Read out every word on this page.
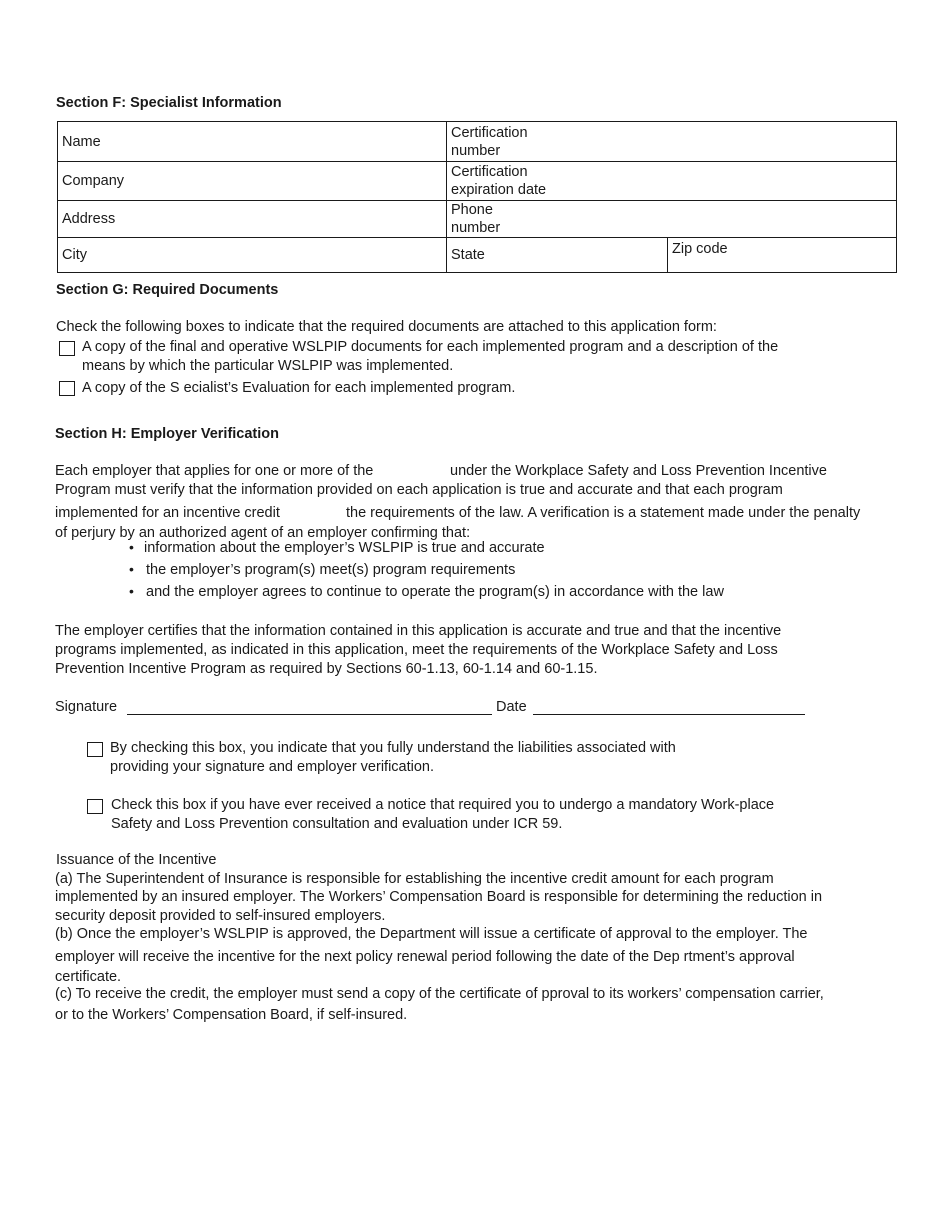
Section F: Specialist Information
Name	Certification
number	

Company	Certification
expiration date	

Address	Phone
number	

City	State	Zip code
Section G: Required Documents
Check the following boxes to indicate that the required documents are attached to this application form:
A copy of the final and operative WSLPIP documents for each implemented program and a description of the
means by which the particular WSLPIP was implemented.
A copy of the S ecialist’s Evaluation for each implemented program.
Section H: Employer Verification
Each employer that applies for one or more of the	under the Workplace Safety and Loss Prevention Incentive
Program must verify that the information provided on each application is true and accurate and that each program
implemented for an incentive credit	the requirements of the law. A verification is a statement made under the penalty
of perjury by an authorized agent of an employer confirming that:
• information about the employer’s WSLPIP is true and accurate
• the employer’s program(s) meet(s) program requirements
• and the employer agrees to continue to operate the program(s) in accordance with the law
The employer certifies that the information contained in this application is accurate and true and that the incentive
programs implemented, as indicated in this application, meet the requirements of the Workplace Safety and Loss
Prevention Incentive Program as required by Sections 60-1.13, 60-1.14 and 60-1.15.
Signature	Date
By checking this box, you indicate that you fully understand the liabilities associated with
providing your signature and employer verification.
Check this box if you have ever received a notice that required you to undergo a mandatory Work-place
Safety and Loss Prevention consultation and evaluation under ICR 59.
Issuance of the Incentive
(a) The Superintendent of Insurance is responsible for establishing the incentive credit amount for each program
implemented by an insured employer. The Workers’ Compensation Board is responsible for determining the reduction in
security deposit provided to self-insured employers.
(b) Once the employer’s WSLPIP is approved, the Department will issue a certificate of approval to the employer. The
employer will receive the incentive for the next policy renewal period following the date of the Dep rtment’s approval
certificate.
(c) To receive the credit, the employer must send a copy of the certificate of pproval to its workers’ compensation carrier,
or to the Workers’ Compensation Board, if self-insured.
